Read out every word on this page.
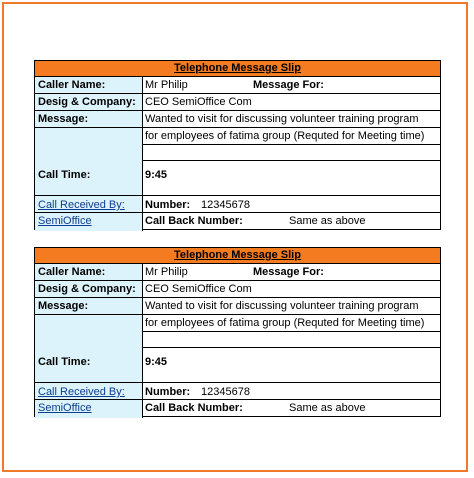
Telephone Message Slip
Caller Name:	Mr Philip	Message For:
Desig & Company: CEO SemiOffice Com
Message:	Wanted to visit for discussing volunteer training program
for employees of fatima group (Requted for Meeting time)
Call Time:	9:45
Call Received By: Number: 12345678
SemiOffice	Call Back Number:	Same as above
Telephone Message Slip
Caller Name:	Mr Philip	Message For:
Desig & Company: CEO SemiOffice Com
Message:	Wanted to visit for discussing volunteer training program
for employees of fatima group (Requted for Meeting time)
Call Time:	9:45
Call Received By: Number: 12345678
SemiOffice	Call Back Number:	Same as above
